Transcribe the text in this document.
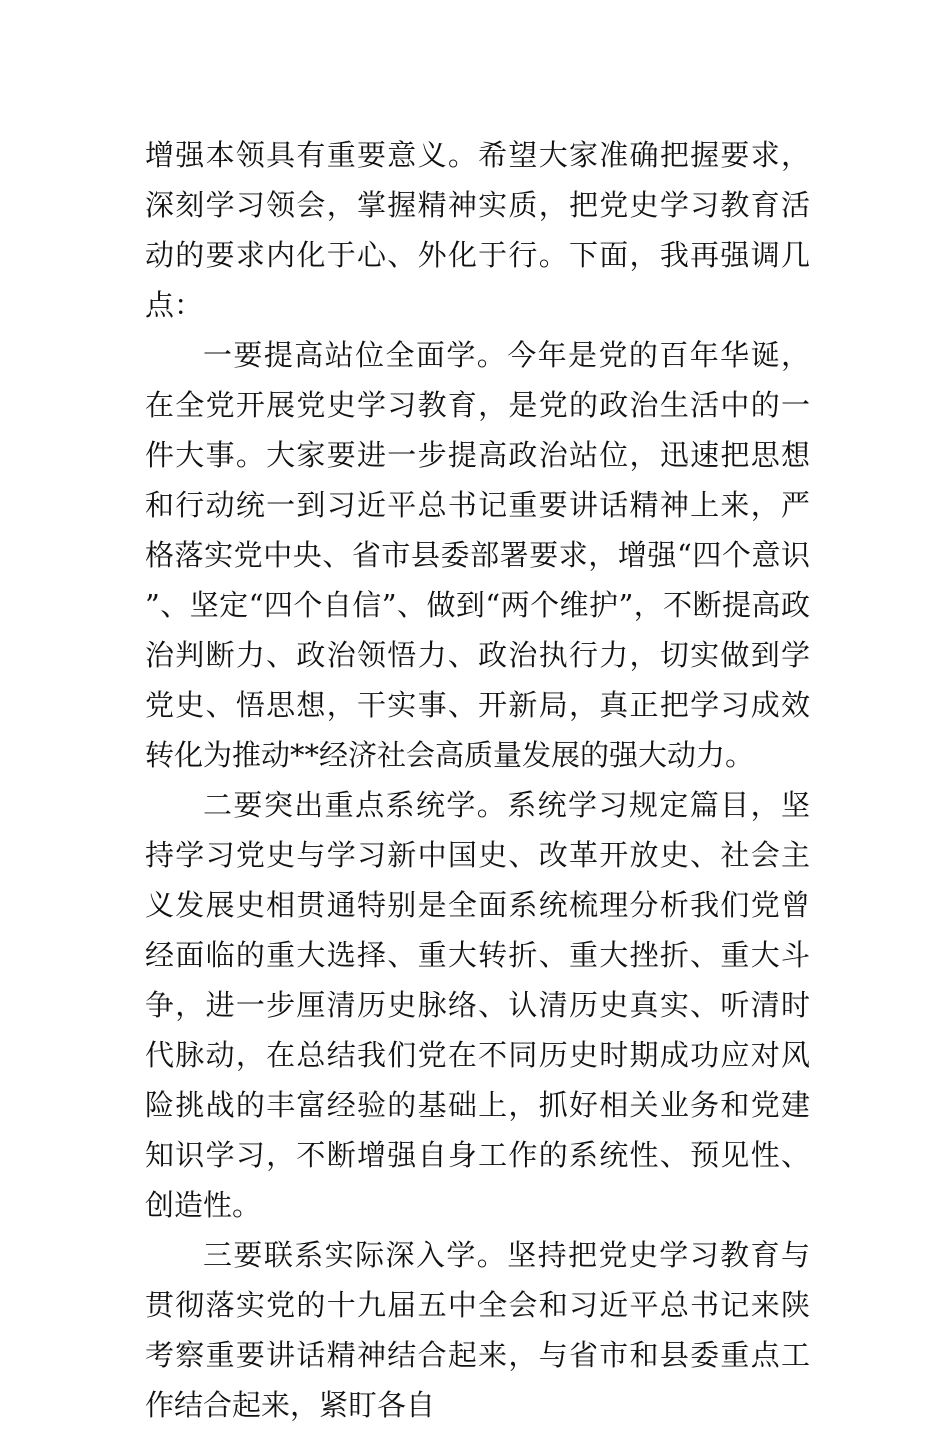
增强本领具有重要意义。希望大家准确把握要求，深刻学习领会，掌握精神实质，把党史学习教育活动的要求内化于心、外化于行。下面，我再强调几点：

一要提高站位全面学。今年是党的百年华诞，在全党开展党史学习教育，是党的政治生活中的一件大事。大家要进一步提高政治站位，迅速把思想和行动统一到习近平总书记重要讲话精神上来，严格落实党中央、省市县委部署要求，增强“四个意识”、坚定“四个自信”、做到“两个维护”，不断提高政治判断力、政治领悟力、政治执行力，切实做到学党史、悟思想，干实事、开新局，真正把学习成效转化为推动**经济社会高质量发展的强大动力。

二要突出重点系统学。系统学习规定篇目，坚持学习党史与学习新中国史、改革开放史、社会主义发展史相贯通特别是全面系统梳理分析我们党曾经面临的重大选择、重大转折、重大挫折、重大斗争，进一步厘清历史脉络、认清历史真实、听清时代脉动，在总结我们党在不同历史时期成功应对风险挑战的丰富经验的基础上，抓好相关业务和党建知识学习，不断增强自身工作的系统性、预见性、创造性。

三要联系实际深入学。坚持把党史学习教育与贯彻落实党的十九届五中全会和习近平总书记来陕考察重要讲话精神结合起来，与省市和县委重点工作结合起来，紧盯各自
